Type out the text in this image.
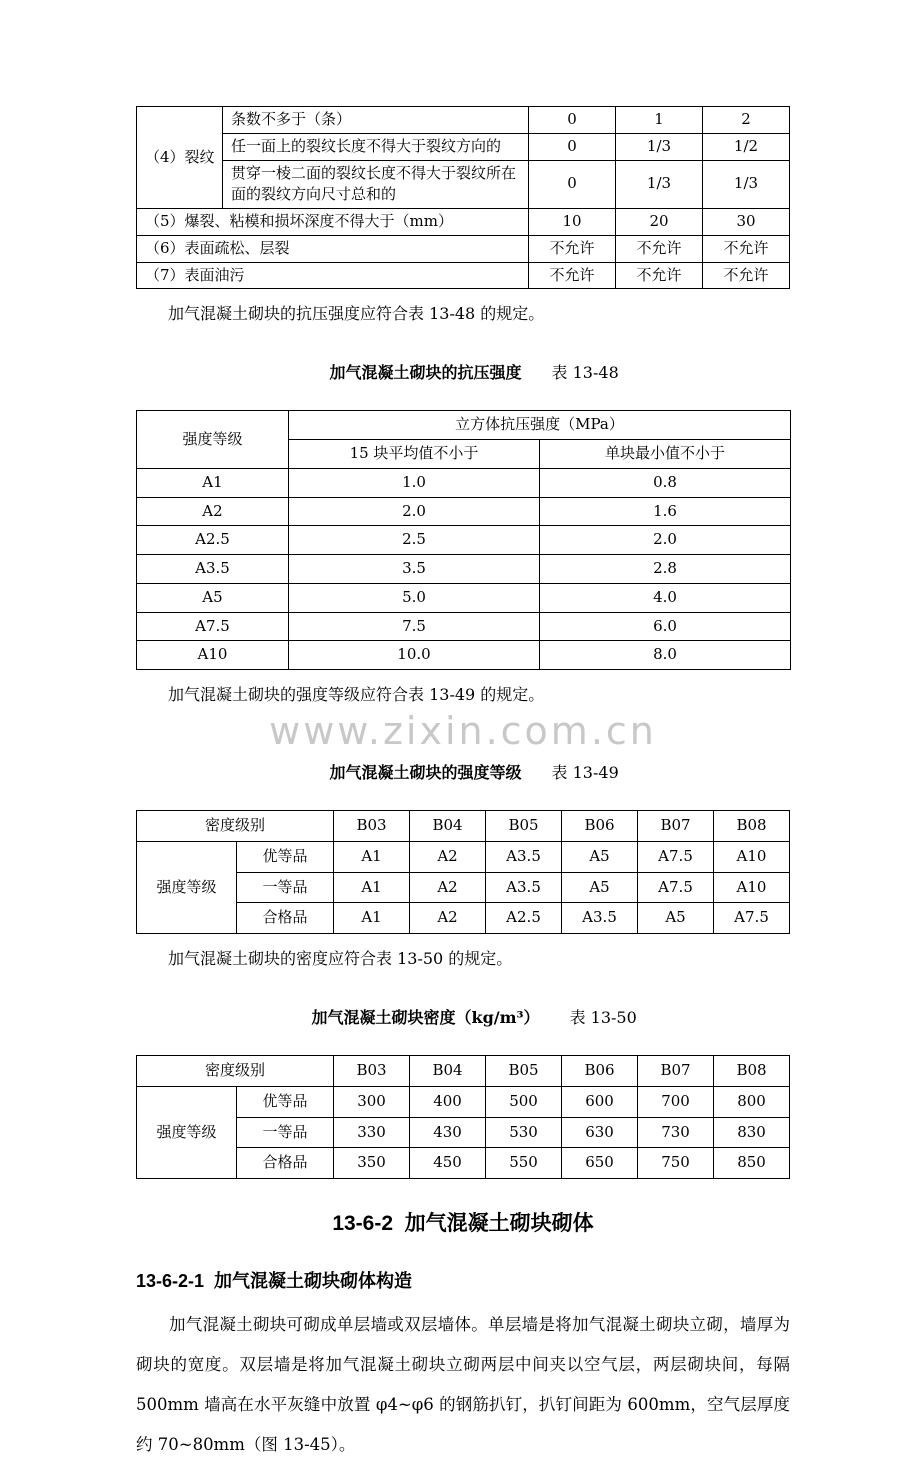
（4）裂纹	条数不多于（条）	0	1	2
	任一面上的裂纹长度不得大于裂纹方向的	0	1/3	1/2
	贯穿一棱二面的裂纹长度不得大于裂纹所在面的裂纹方向尺寸总和的	0	1/3	1/3
（5）爆裂、粘模和损坏深度不得大于（mm）		10	20	30
（6）表面疏松、层裂		不允许	不允许	不允许
（7）表面油污		不允许	不允许	不允许

加气混凝土砌块的抗压强度应符合表 13-48 的规定。

加气混凝土砌块的抗压强度 表 13-48

强度等级	立方体抗压强度（MPa）	
	15 块平均值不小于	单块最小值不小于
A1	1.0	0.8
A2	2.0	1.6
A2.5	2.5	2.0
A3.5	3.5	2.8
A5	5.0	4.0
A7.5	7.5	6.0
A10	10.0	8.0

加气混凝土砌块的强度等级应符合表 13-49 的规定。

www.zixin.com.cn

加气混凝土砌块的强度等级 表 13-49

密度级别		B03	B04	B05	B06	B07	B08
强度等级	优等品	A1	A2	A3.5	A5	A7.5	A10
	一等品	A1	A2	A3.5	A5	A7.5	A10
	合格品	A1	A2	A2.5	A3.5	A5	A7.5

加气混凝土砌块的密度应符合表 13-50 的规定。

加气混凝土砌块密度（kg/m³） 表 13-50

密度级别		B03	B04	B05	B06	B07	B08
强度等级	优等品	300	400	500	600	700	800
	一等品	330	430	530	630	730	830
	合格品	350	450	550	650	750	850
13-6-2  加气混凝土砌块砌体
13-6-2-1  加气混凝土砌块砌体构造

加气混凝土砌块可砌成单层墙或双层墙体。单层墙是将加气混凝土砌块立砌，墙厚为砌块的宽度。双层墙是将加气混凝土砌块立砌两层中间夹以空气层，两层砌块间，每隔 500mm 墙高在水平灰缝中放置 φ4~φ6 的钢筋扒钉，扒钉间距为 600mm，空气层厚度约 70~80mm（图 13-45）。
